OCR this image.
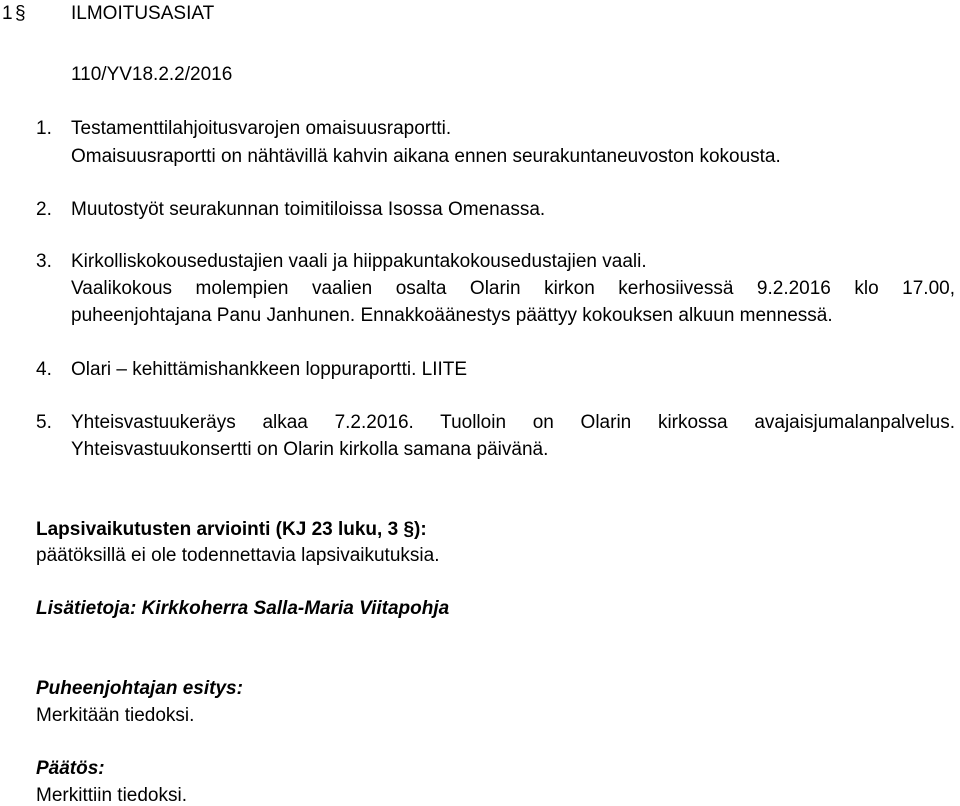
1 § ILMOITUSASIAT
110/YV18.2.2/2016
1. Testamenttilahjoitusvarojen omaisuusraportti.
Omaisuusraportti on nähtävillä kahvin aikana ennen seurakuntaneuvoston kokousta.
2. Muutostyöt seurakunnan toimitiloissa Isossa Omenassa.
3. Kirkolliskokousedustajien vaali ja hiippakuntakokousedustajien vaali.
Vaalikokous molempien vaalien osalta Olarin kirkon kerhosiivessä 9.2.2016 klo 17.00,
puheenjohtajana Panu Janhunen. Ennakkoäänestys päättyy kokouksen alkuun mennessä.
4. Olari – kehittämishankkeen loppuraportti. LIITE
5. Yhteisvastuukeräys alkaa 7.2.2016. Tuolloin on Olarin kirkossa avajaisjumalanpalvelus.
Yhteisvastuukonsertti on Olarin kirkolla samana päivänä.
Lapsivaikutusten arviointi (KJ 23 luku, 3 §):
päätöksillä ei ole todennettavia lapsivaikutuksia.
Lisätietoja: Kirkkoherra Salla-Maria Viitapohja
Puheenjohtajan esitys:
Merkitään tiedoksi.
Päätös:
Merkittiin tiedoksi.
